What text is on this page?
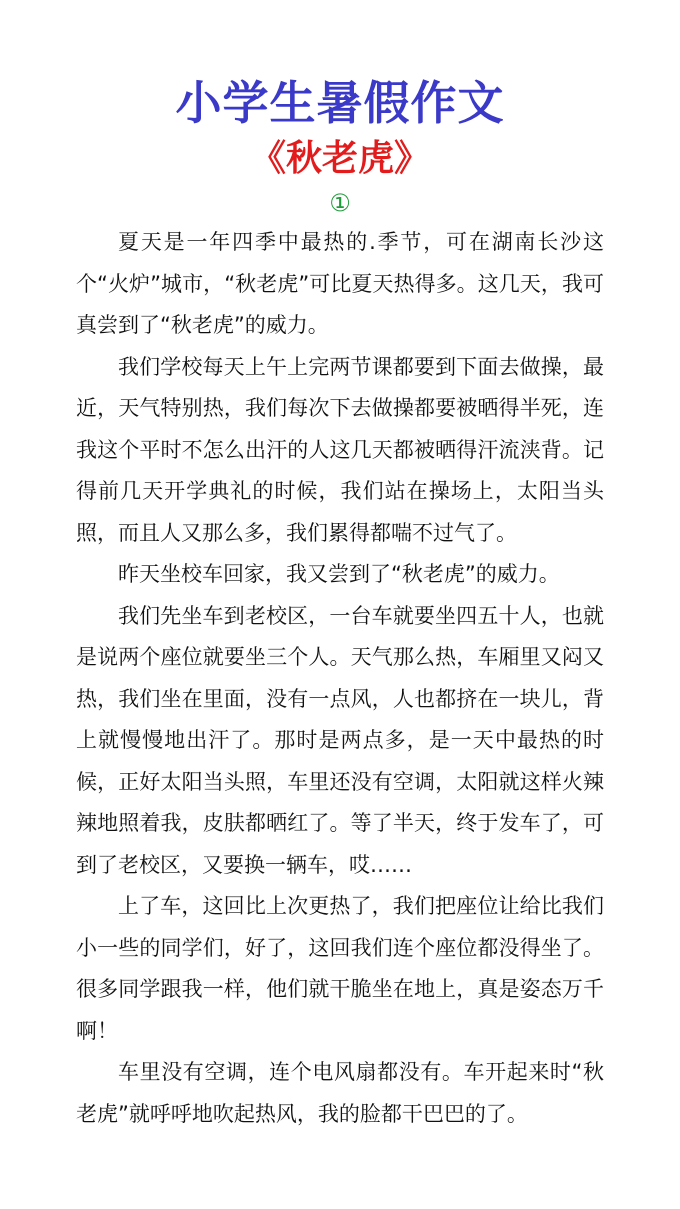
小学生暑假作文
《秋老虎》
①

夏天是一年四季中最热的.季节，可在湖南长沙这个“火炉”城市，“秋老虎”可比夏天热得多。这几天，我可真尝到了“秋老虎”的威力。

我们学校每天上午上完两节课都要到下面去做操，最近，天气特别热，我们每次下去做操都要被晒得半死，连我这个平时不怎么出汗的人这几天都被晒得汗流浃背。记得前几天开学典礼的时候，我们站在操场上，太阳当头照，而且人又那么多，我们累得都喘不过气了。

昨天坐校车回家，我又尝到了“秋老虎”的威力。

我们先坐车到老校区，一台车就要坐四五十人，也就是说两个座位就要坐三个人。天气那么热，车厢里又闷又热，我们坐在里面，没有一点风，人也都挤在一块儿，背上就慢慢地出汗了。那时是两点多，是一天中最热的时候，正好太阳当头照，车里还没有空调，太阳就这样火辣辣地照着我，皮肤都晒红了。等了半天，终于发车了，可到了老校区，又要换一辆车，哎……

上了车，这回比上次更热了，我们把座位让给比我们小一些的同学们，好了，这回我们连个座位都没得坐了。很多同学跟我一样，他们就干脆坐在地上，真是姿态万千啊！

车里没有空调，连个电风扇都没有。车开起来时“秋老虎”就呼呼地吹起热风，我的脸都干巴巴的了。
